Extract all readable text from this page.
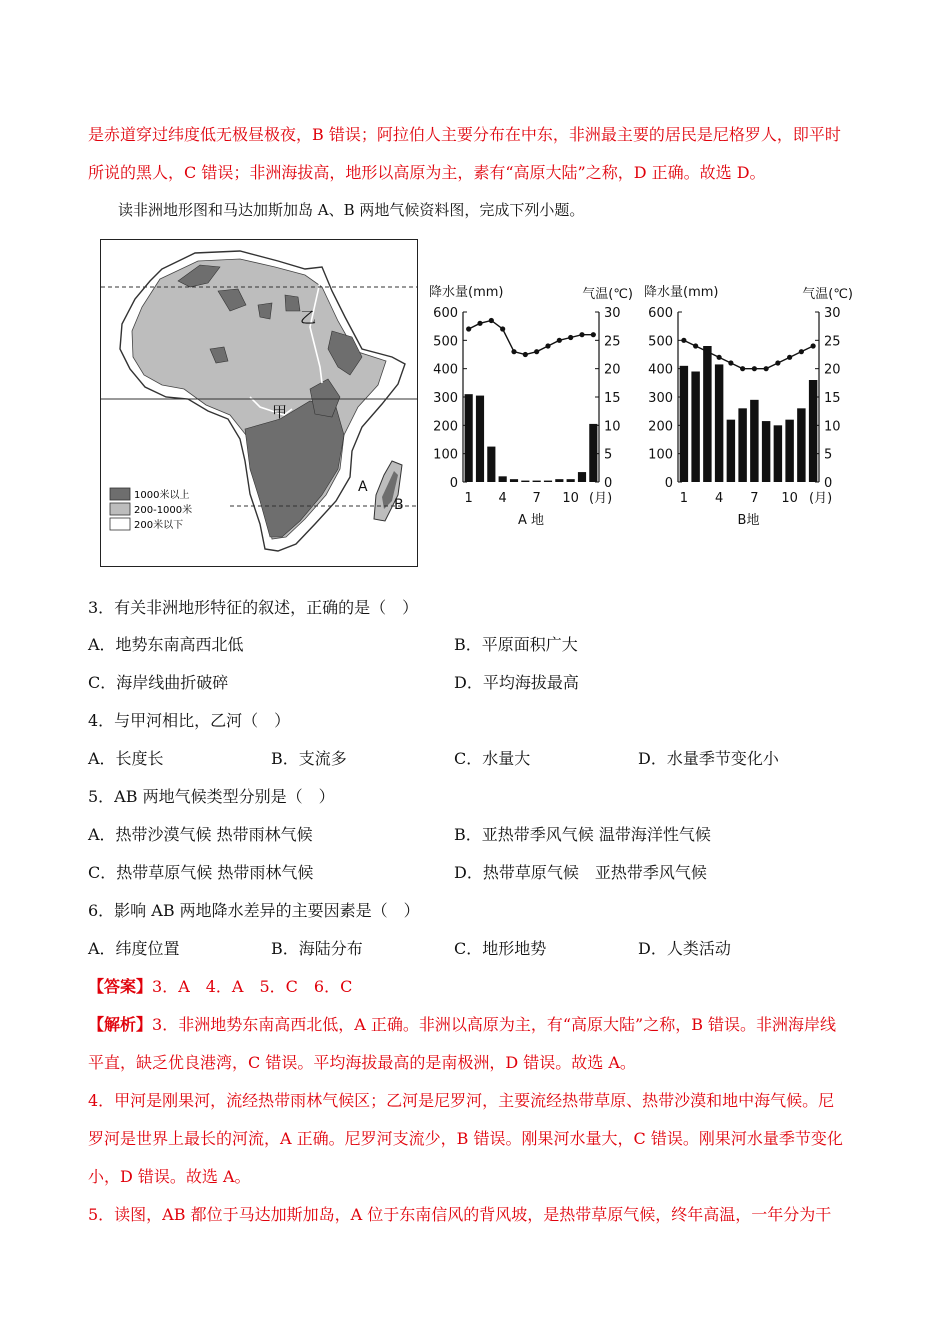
是赤道穿过纬度低无极昼极夜，B 错误；阿拉伯人主要分布在中东，非洲最主要的居民是尼格罗人，即平时
所说的黑人，C 错误；非洲海拔高，地形以高原为主，素有“高原大陆”之称，D 正确。故选 D。
读非洲地形图和马达加斯加岛 A、B 两地气候资料图，完成下列小题。
乙
甲
A
B
1000米以上
200-1000米
200米以下
降水量(mm)	气温(℃)
600
500
400
300
200
100
0
30
25
20
15
10
5
0
1 4 7 10 (月)
A 地
降水量(mm)	气温(℃)
600
500
400
300
200
100
0
30
25
20
15
10
5
0
1 4 7 10 (月)
B地
3．有关非洲地形特征的叙述，正确的是（　）
A．地势东南高西北低	B．平原面积广大
C．海岸线曲折破碎	D．平均海拔最高
4．与甲河相比，乙河（　）
A．长度长	B．支流多	C．水量大	D．水量季节变化小
5．AB 两地气候类型分别是（　）
A．热带沙漠气候 热带雨林气候	B．亚热带季风气候 温带海洋性气候
C．热带草原气候 热带雨林气候	D．热带草原气候　亚热带季风气候
6．影响 AB 两地降水差异的主要因素是（　）
A．纬度位置	B．海陆分布	C．地形地势	D．人类活动
【答案】3．A　4．A　5．C　6．C
【解析】3．非洲地势东南高西北低，A 正确。非洲以高原为主，有“高原大陆”之称，B 错误。非洲海岸线
平直，缺乏优良港湾，C 错误。平均海拔最高的是南极洲，D 错误。故选 A。
4．甲河是刚果河，流经热带雨林气候区；乙河是尼罗河，主要流经热带草原、热带沙漠和地中海气候。尼
罗河是世界上最长的河流，A 正确。尼罗河支流少，B 错误。刚果河水量大，C 错误。刚果河水量季节变化
小，D 错误。故选 A。
5．读图，AB 都位于马达加斯加岛，A 位于东南信风的背风坡，是热带草原气候，终年高温，一年分为干
